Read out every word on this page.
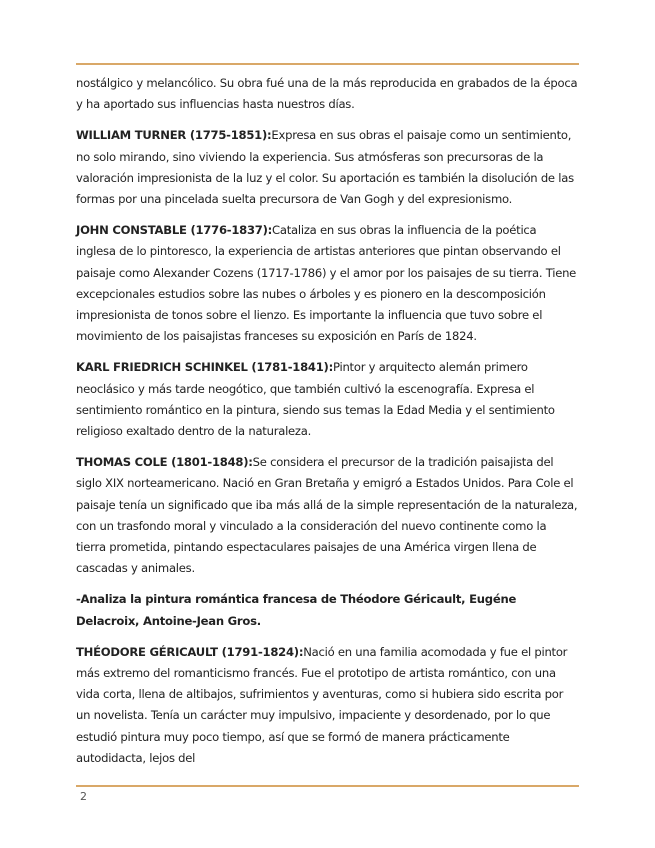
nostálgico y melancólico. Su obra fué una de la más reproducida en grabados de la época y ha aportado sus influencias hasta nuestros días.

WILLIAM TURNER (1775-1851):Expresa en sus obras el paisaje como un sentimiento, no solo mirando, sino viviendo la experiencia. Sus atmósferas son precursoras de la valoración impresionista de la luz y el color. Su aportación es también la disolución de las formas por una pincelada suelta precursora de Van Gogh y del expresionismo.

JOHN CONSTABLE (1776-1837):Cataliza en sus obras la influencia de la poética inglesa de lo pintoresco, la experiencia de artistas anteriores que pintan observando el paisaje como Alexander Cozens (1717-1786) y el amor por los paisajes de su tierra. Tiene excepcionales estudios sobre las nubes o árboles y es pionero en la descomposición impresionista de tonos sobre el lienzo. Es importante la influencia que tuvo sobre el movimiento de los paisajistas franceses su exposición en París de 1824.

KARL FRIEDRICH SCHINKEL (1781-1841):Pintor y arquitecto alemán primero neoclásico y más tarde neogótico, que también cultivó la escenografía. Expresa el sentimiento romántico en la pintura, siendo sus temas la Edad Media y el sentimiento religioso exaltado dentro de la naturaleza.

THOMAS COLE (1801-1848):Se considera el precursor de la tradición paisajista del siglo XIX norteamericano. Nació en Gran Bretaña y emigró a Estados Unidos. Para Cole el paisaje tenía un significado que iba más allá de la simple representación de la naturaleza, con un trasfondo moral y vinculado a la consideración del nuevo continente como la tierra prometida, pintando espectaculares paisajes de una América virgen llena de cascadas y animales.

-Analiza la pintura romántica francesa de Théodore Géricault, Eugéne Delacroix, Antoine-Jean Gros.

THÉODORE GÉRICAULT (1791-1824):Nació en una familia acomodada y fue el pintor más extremo del romanticismo francés. Fue el prototipo de artista romántico, con una vida corta, llena de altibajos, sufrimientos y aventuras, como si hubiera sido escrita por un novelista. Tenía un carácter muy impulsivo, impaciente y desordenado, por lo que estudió pintura muy poco tiempo, así que se formó de manera prácticamente autodidacta, lejos del

2
